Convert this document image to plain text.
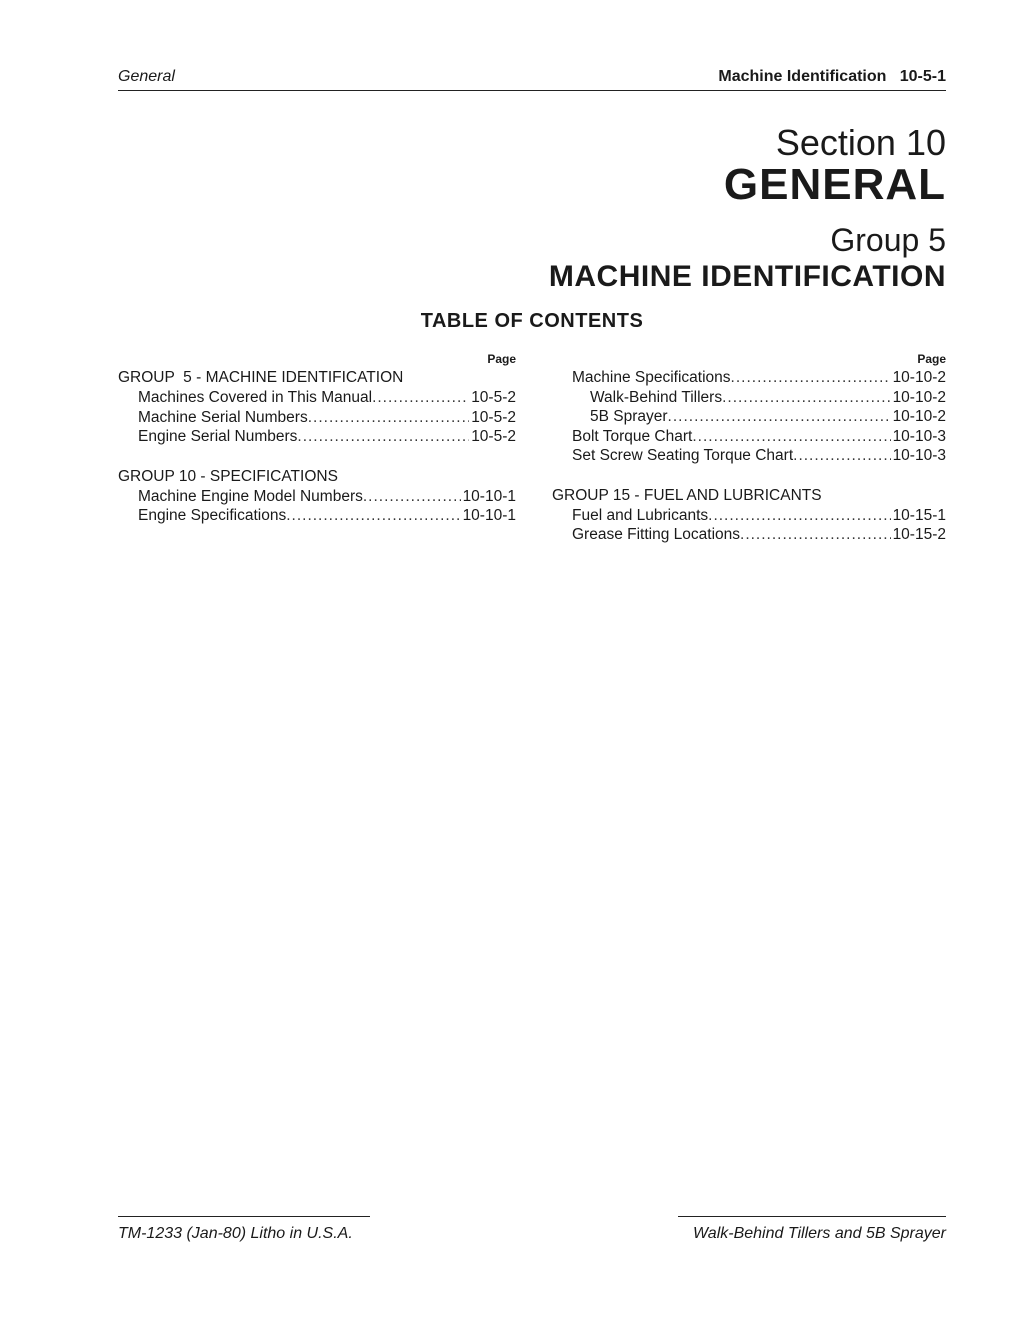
General	Machine Identification   10-5-1
Section 10
GENERAL
Group 5
MACHINE IDENTIFICATION
TABLE OF CONTENTS
Page
GROUP  5 - MACHINE IDENTIFICATION
Machines Covered in This Manual .....	10-5-2
Machine Serial Numbers .....	10-5-2
Engine Serial Numbers .....	10-5-2
GROUP 10 - SPECIFICATIONS
Machine Engine Model Numbers .....	10-10-1
Engine Specifications .....	10-10-1
Page
Machine Specifications .....	10-10-2
Walk-Behind Tillers .....	10-10-2
5B Sprayer .....	10-10-2
Bolt Torque Chart .....	10-10-3
Set Screw Seating Torque Chart .....	10-10-3
GROUP 15 - FUEL AND LUBRICANTS
Fuel and Lubricants .....	10-15-1
Grease Fitting Locations .....	10-15-2
TM-1233 (Jan-80) Litho in U.S.A.	Walk-Behind Tillers and 5B Sprayer
